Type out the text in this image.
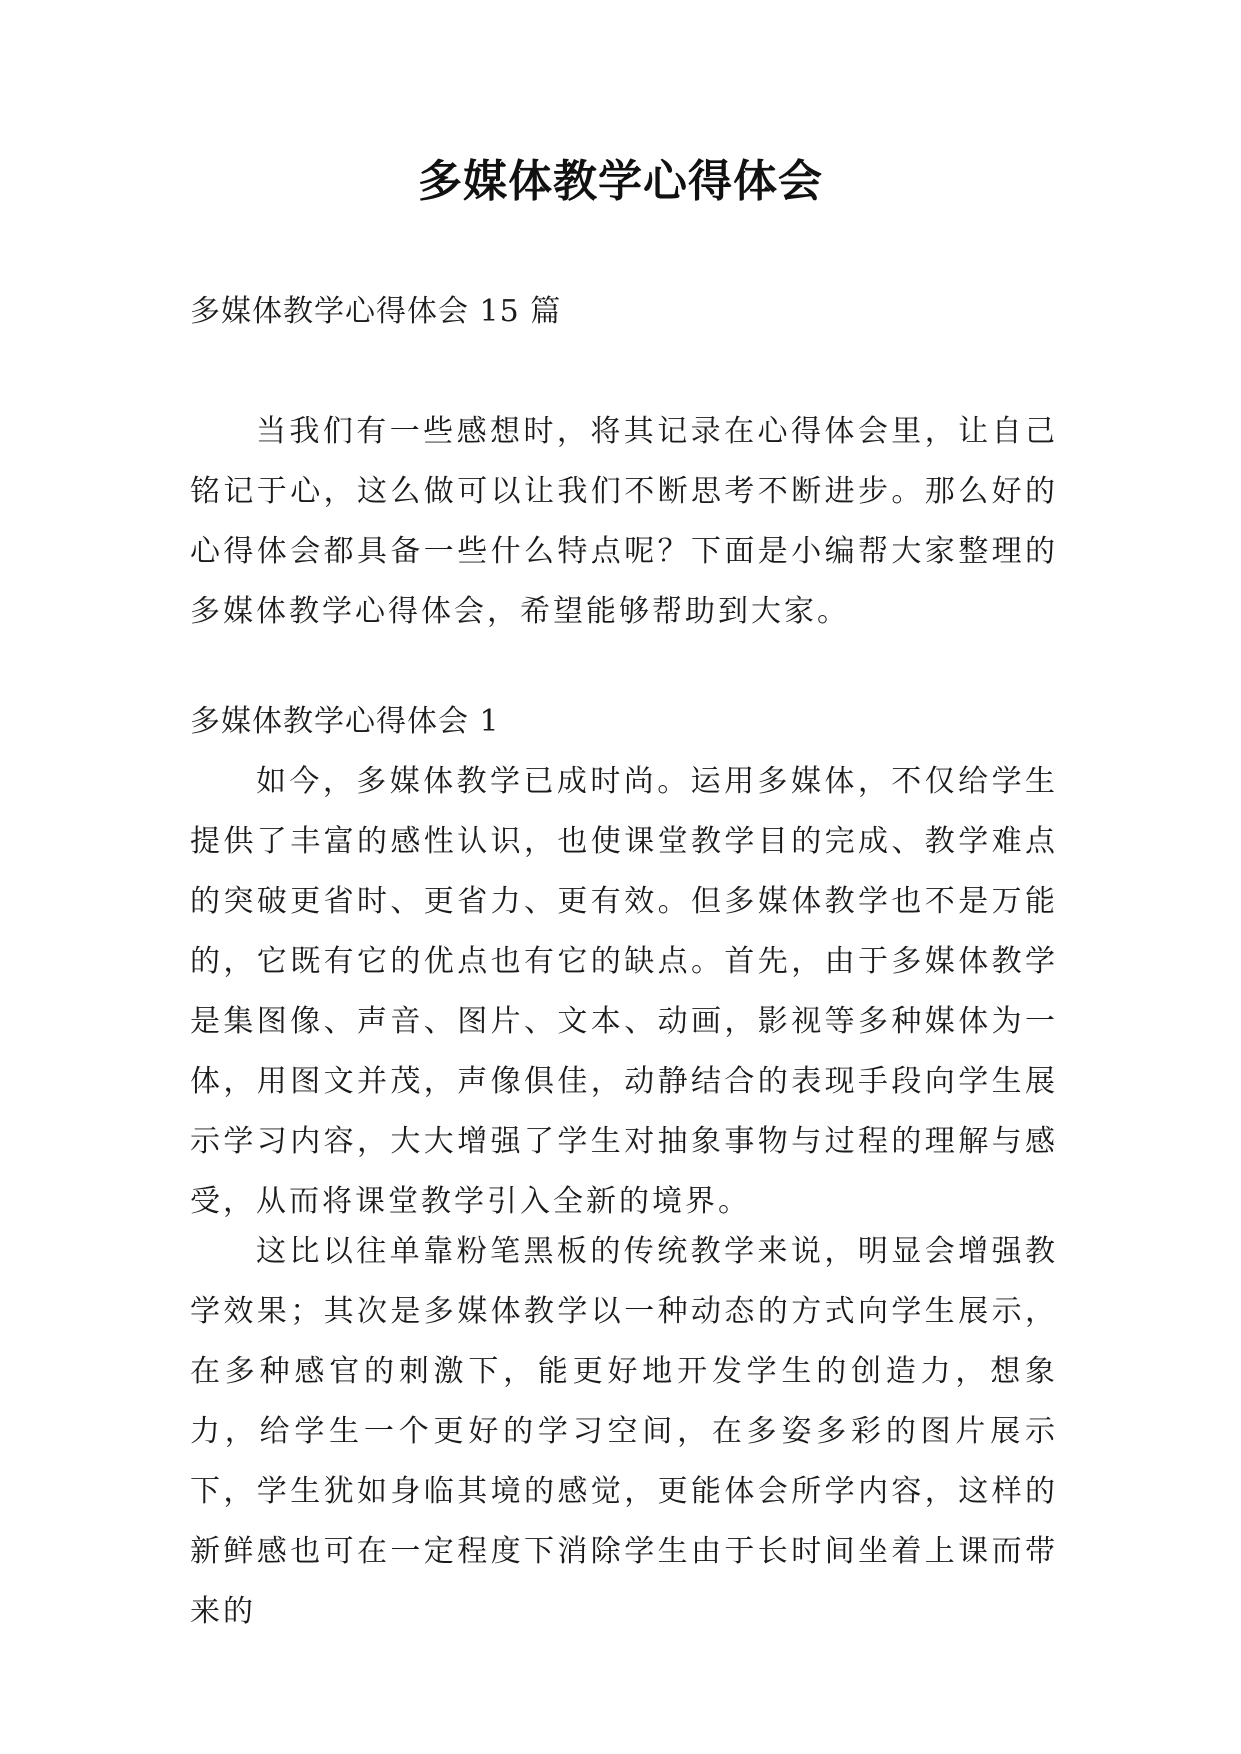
多媒体教学心得体会
多媒体教学心得体会 15 篇

当我们有一些感想时，将其记录在心得体会里，让自己铭记于心，这么做可以让我们不断思考不断进步。那么好的心得体会都具备一些什么特点呢？下面是小编帮大家整理的多媒体教学心得体会，希望能够帮助到大家。

多媒体教学心得体会 1

如今，多媒体教学已成时尚。运用多媒体，不仅给学生提供了丰富的感性认识，也使课堂教学目的完成、教学难点的突破更省时、更省力、更有效。但多媒体教学也不是万能的，它既有它的优点也有它的缺点。首先，由于多媒体教学是集图像、声音、图片、文本、动画，影视等多种媒体为一体，用图文并茂，声像俱佳，动静结合的表现手段向学生展示学习内容，大大增强了学生对抽象事物与过程的理解与感受，从而将课堂教学引入全新的境界。

这比以往单靠粉笔黑板的传统教学来说，明显会增强教学效果；其次是多媒体教学以一种动态的方式向学生展示，在多种感官的刺激下，能更好地开发学生的创造力，想象力，给学生一个更好的学习空间，在多姿多彩的图片展示下，学生犹如身临其境的感觉，更能体会所学内容，这样的新鲜感也可在一定程度下消除学生由于长时间坐着上课而带来的
